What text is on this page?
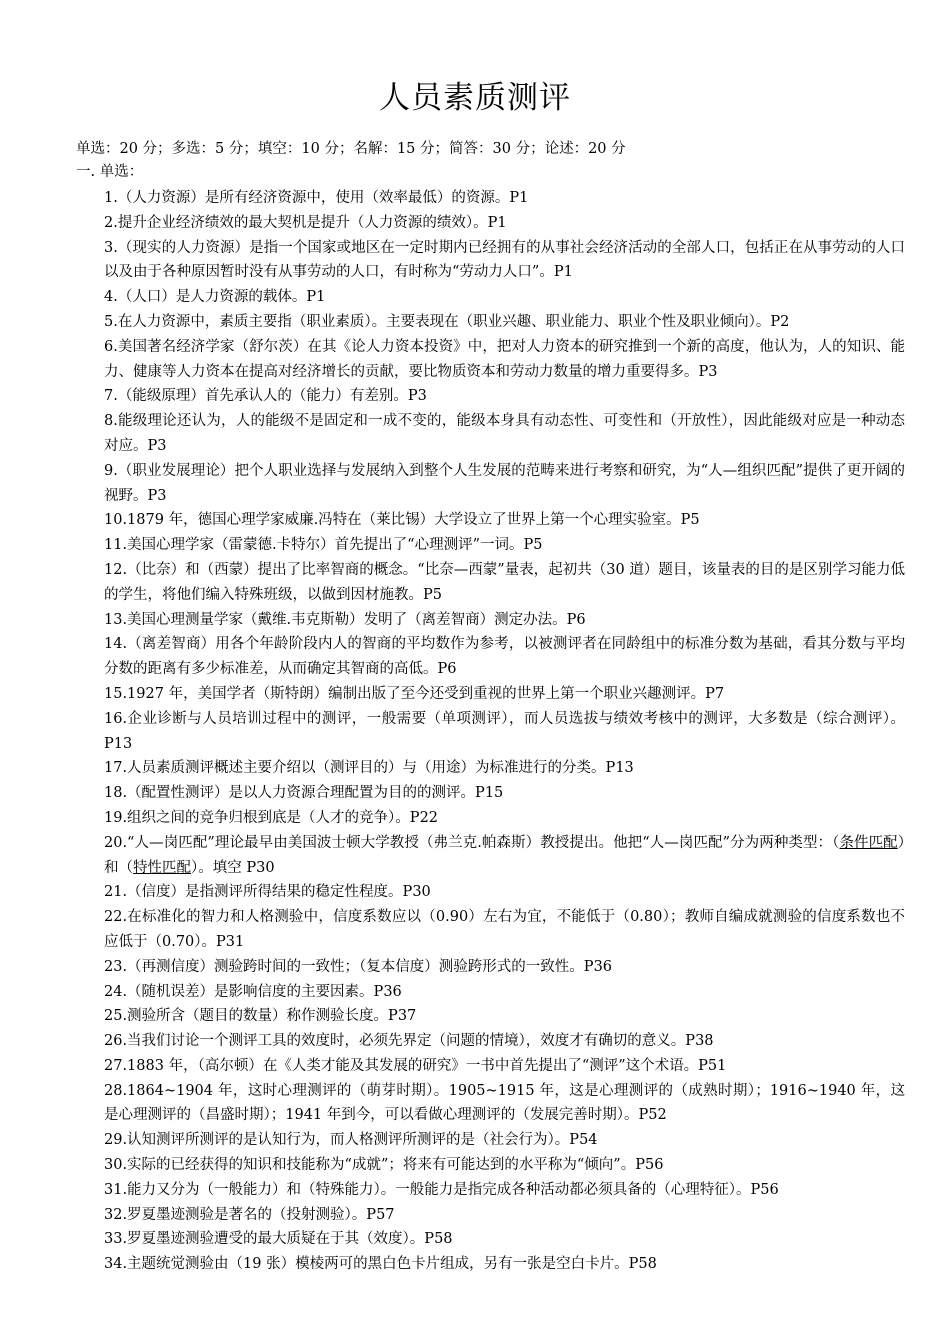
人员素质测评
单选：20 分；多选：5 分；填空：10 分；名解：15 分；简答：30 分；论述：20 分
一. 单选：

1.（人力资源）是所有经济资源中，使用（效率最低）的资源。P1

2.提升企业经济绩效的最大契机是提升（人力资源的绩效）。P1

3.（现实的人力资源）是指一个国家或地区在一定时期内已经拥有的从事社会经济活动的全部人口，包括正在从事劳动的人口以及由于各种原因暂时没有从事劳动的人口，有时称为“劳动力人口”。P1

4.（人口）是人力资源的载体。P1

5.在人力资源中，素质主要指（职业素质）。主要表现在（职业兴趣、职业能力、职业个性及职业倾向）。P2

6.美国著名经济学家（舒尔茨）在其《论人力资本投资》中，把对人力资本的研究推到一个新的高度，他认为，人的知识、能力、健康等人力资本在提高对经济增长的贡献，要比物质资本和劳动力数量的增力重要得多。P3

7.（能级原理）首先承认人的（能力）有差别。P3

8.能级理论还认为，人的能级不是固定和一成不变的，能级本身具有动态性、可变性和（开放性），因此能级对应是一种动态对应。P3

9.（职业发展理论）把个人职业选择与发展纳入到整个人生发展的范畴来进行考察和研究，为“人—组织匹配”提供了更开阔的视野。P3

10.1879 年，德国心理学家威廉.冯特在（莱比锡）大学设立了世界上第一个心理实验室。P5

11.美国心理学家（雷蒙德.卡特尔）首先提出了“心理测评”一词。P5

12.（比奈）和（西蒙）提出了比率智商的概念。“比奈—西蒙”量表，起初共（30 道）题目，该量表的目的是区别学习能力低的学生，将他们编入特殊班级，以做到因材施教。P5

13.美国心理测量学家（戴维.韦克斯勒）发明了（离差智商）测定办法。P6

14.（离差智商）用各个年龄阶段内人的智商的平均数作为参考，以被测评者在同龄组中的标准分数为基础，看其分数与平均分数的距离有多少标准差，从而确定其智商的高低。P6

15.1927 年，美国学者（斯特朗）编制出版了至今还受到重视的世界上第一个职业兴趣测评。P7

16.企业诊断与人员培训过程中的测评，一般需要（单项测评），而人员选拔与绩效考核中的测评，大多数是（综合测评）。P13

17.人员素质测评概述主要介绍以（测评目的）与（用途）为标准进行的分类。P13

18.（配置性测评）是以人力资源合理配置为目的的测评。P15

19.组织之间的竞争归根到底是（人才的竞争）。P22

20.“人—岗匹配”理论最早由美国波士顿大学教授（弗兰克.帕森斯）教授提出。他把“人—岗匹配”分为两种类型：（条件匹配）和（特性匹配）。填空 P30

21.（信度）是指测评所得结果的稳定性程度。P30

22.在标准化的智力和人格测验中，信度系数应以（0.90）左右为宜，不能低于（0.80）；教师自编成就测验的信度系数也不应低于（0.70）。P31

23.（再测信度）测验跨时间的一致性；（复本信度）测验跨形式的一致性。P36

24.（随机误差）是影响信度的主要因素。P36

25.测验所含（题目的数量）称作测验长度。P37

26.当我们讨论一个测评工具的效度时，必须先界定（问题的情境），效度才有确切的意义。P38

27.1883 年，（高尔顿）在《人类才能及其发展的研究》一书中首先提出了“测评”这个术语。P51

28.1864~1904 年，这时心理测评的（萌芽时期）。1905~1915 年，这是心理测评的（成熟时期）；1916~1940 年，这是心理测评的（昌盛时期）；1941 年到今，可以看做心理测评的（发展完善时期）。P52

29.认知测评所测评的是认知行为，而人格测评所测评的是（社会行为）。P54

30.实际的已经获得的知识和技能称为“成就”；将来有可能达到的水平称为“倾向”。P56

31.能力又分为（一般能力）和（特殊能力）。一般能力是指完成各种活动都必须具备的（心理特征）。P56

32.罗夏墨迹测验是著名的（投射测验）。P57

33.罗夏墨迹测验遭受的最大质疑在于其（效度）。P58

34.主题统觉测验由（19 张）模棱两可的黑白色卡片组成，另有一张是空白卡片。P58
